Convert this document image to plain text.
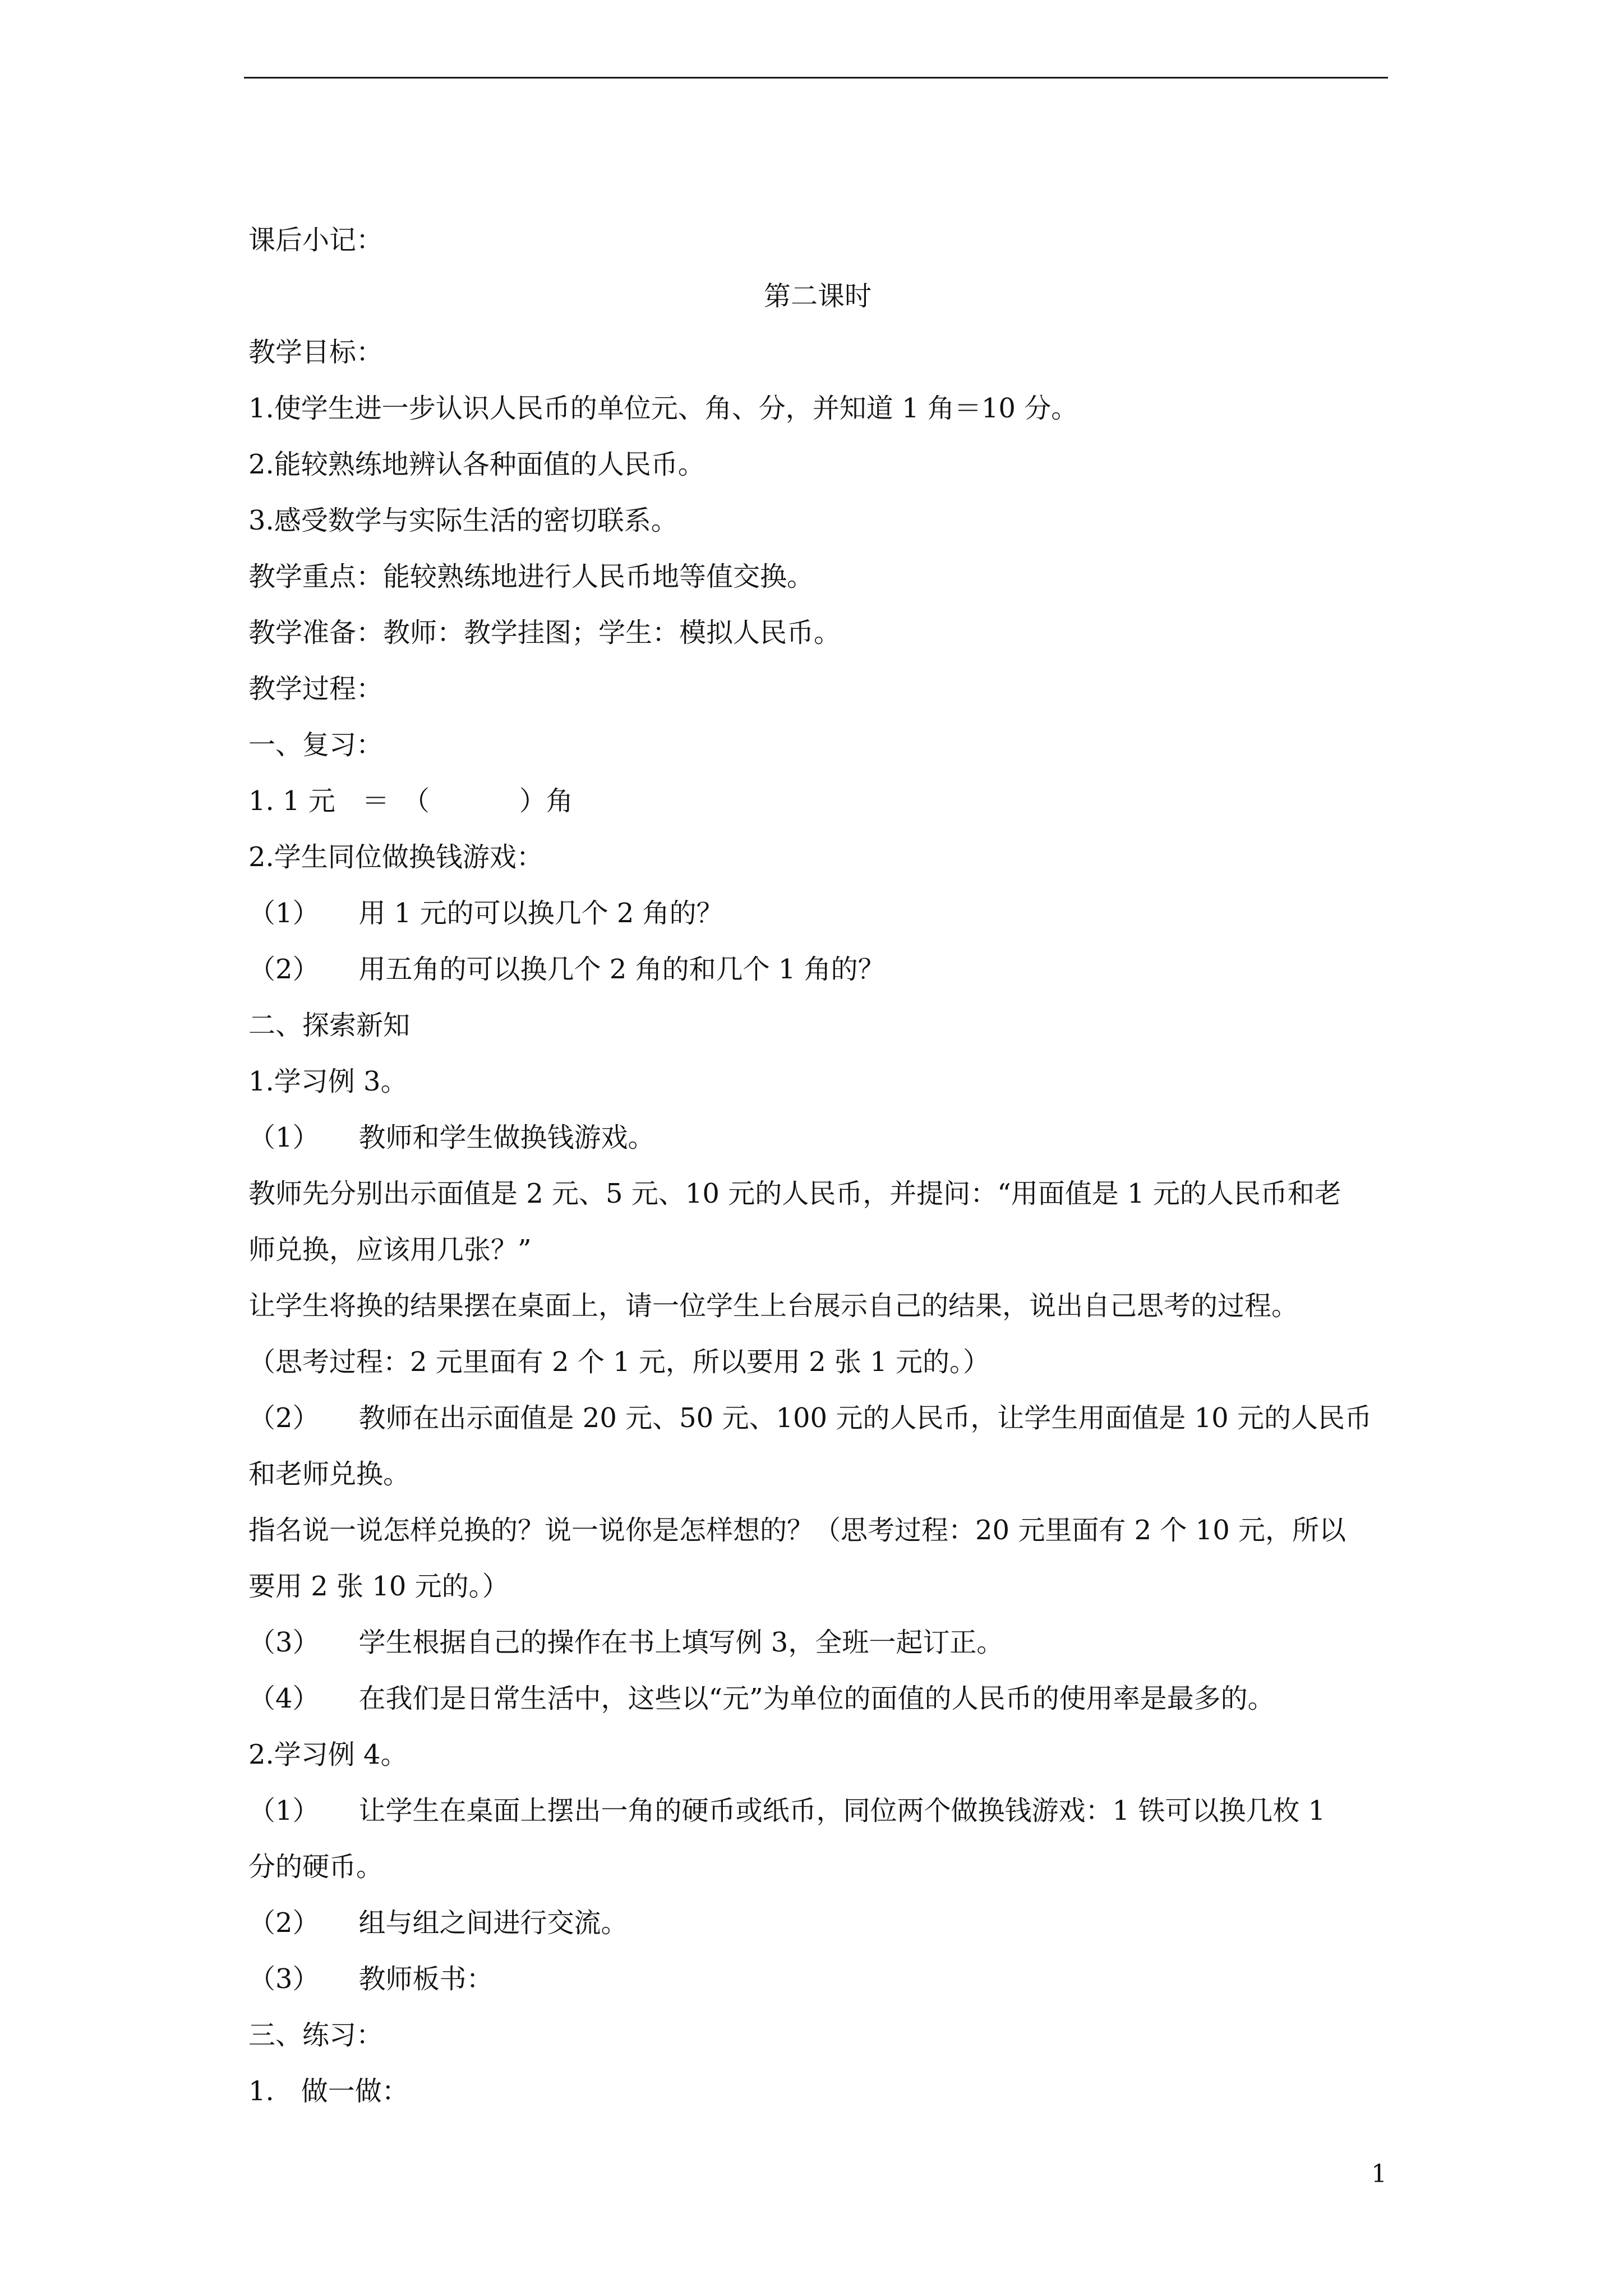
课后小记：
第二课时
教学目标：
1.使学生进一步认识人民币的单位元、角、分，并知道 1 角＝10 分。
2.能较熟练地辨认各种面值的人民币。
3.感受数学与实际生活的密切联系。
教学重点：能较熟练地进行人民币地等值交换。
教学准备：教师：教学挂图；学生：模拟人民币。
教学过程：
一、复习：
1. 1 元　＝　（	）角
2.学生同位做换钱游戏：
（1） 用 1 元的可以换几个 2 角的？
（2） 用五角的可以换几个 2 角的和几个 1 角的？
二、探索新知
1.学习例 3。
（1） 教师和学生做换钱游戏。
教师先分别出示面值是 2 元、5 元、10 元的人民币，并提问：“用面值是 1 元的人民币和老
师兑换，应该用几张？”
让学生将换的结果摆在桌面上，请一位学生上台展示自己的结果，说出自己思考的过程。
（思考过程：2 元里面有 2 个 1 元，所以要用 2 张 1 元的。）
（2） 教师在出示面值是 20 元、50 元、100 元的人民币，让学生用面值是 10 元的人民币
和老师兑换。
指名说一说怎样兑换的？说一说你是怎样想的？（思考过程：20 元里面有 2 个 10 元，所以
要用 2 张 10 元的。）
（3） 学生根据自己的操作在书上填写例 3，全班一起订正。
（4） 在我们是日常生活中，这些以“元”为单位的面值的人民币的使用率是最多的。
2.学习例 4。
（1） 让学生在桌面上摆出一角的硬币或纸币，同位两个做换钱游戏：1 铁可以换几枚 1
分的硬币。
（2） 组与组之间进行交流。
（3） 教师板书：
三、练习：
1.　做一做：
1
